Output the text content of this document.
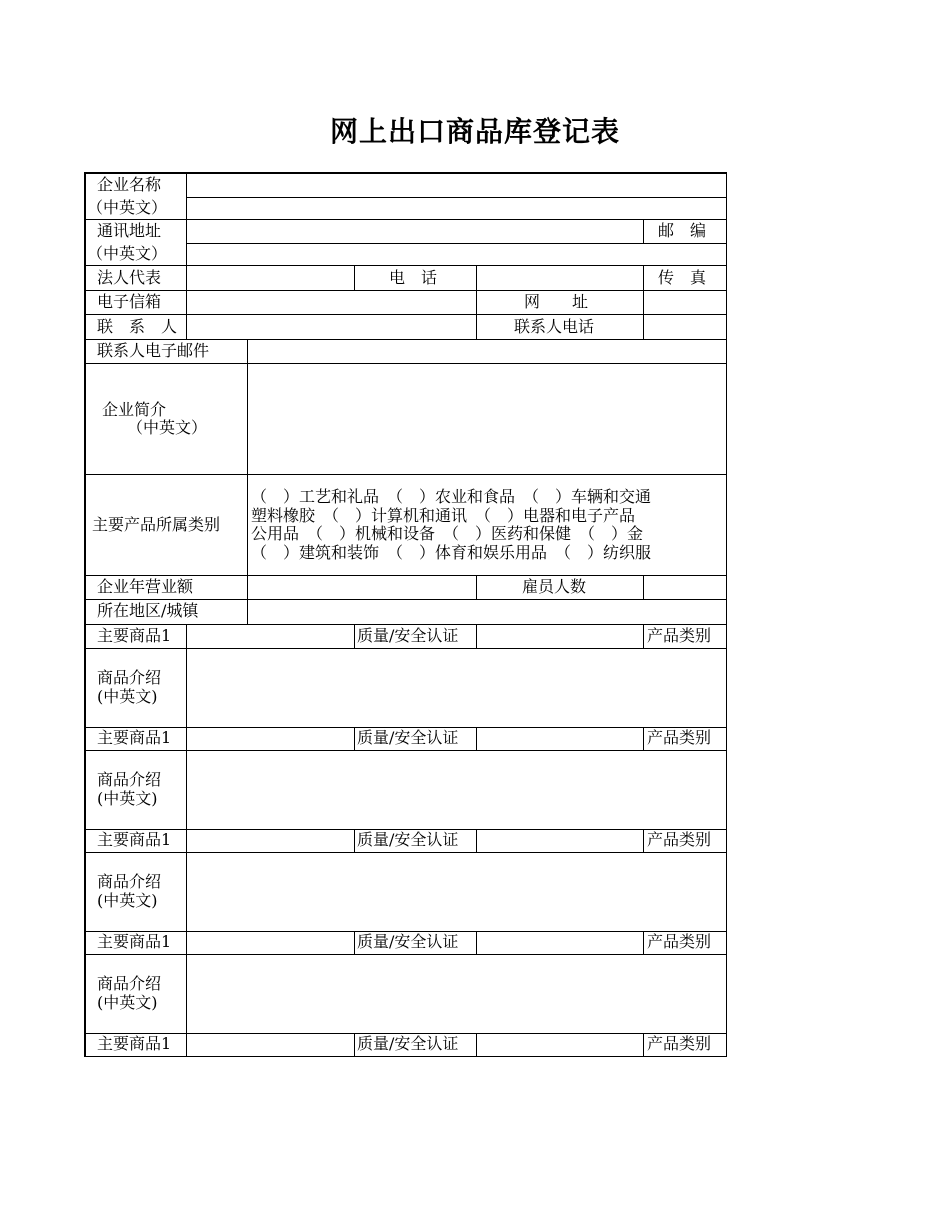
网上出口商品库登记表
企业名称
（中英文）
通讯地址
（中英文）
邮　编
法人代表	电　话	传　真
电子信箱	网　　址
联　系　人	联系人电话
联系人电子邮件
企业简介
（中英文）
主要产品所属类别
（　）工艺和礼品　（　）农业和食品　（　）车辆和交通
塑料橡胶　（　）计算机和通讯　（　）电器和电子产品
公用品　（　）机械和设备　（　）医药和保健　（　）金
（　）建筑和装饰　（　）体育和娱乐用品　（　）纺织服
企业年营业额	雇员人数
所在地区/城镇
主要商品1	质量/安全认证	产品类别
商品介绍
(中英文)
主要商品1	质量/安全认证	产品类别
商品介绍
(中英文)
主要商品1	质量/安全认证	产品类别
商品介绍
(中英文)
主要商品1	质量/安全认证	产品类别
商品介绍
(中英文)
主要商品1	质量/安全认证	产品类别
